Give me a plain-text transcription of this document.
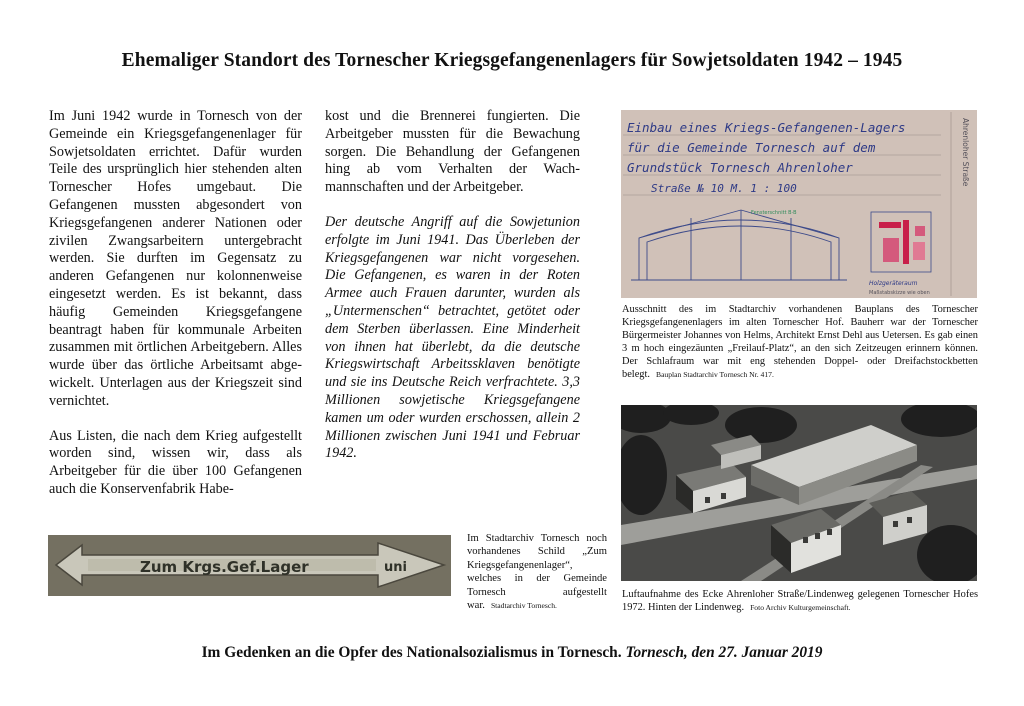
Ehemaliger Standort des Tornescher Kriegsgefangenenlagers für Sowjetsoldaten 1942 – 1945

Im Juni 1942 wurde in Tornesch von der Gemeinde ein Kriegsgefangenenlager für Sowjetsoldaten errichtet. Dafür wurden Teile des ursprünglich hier stehenden alten Tornescher Hofes umgebaut. Die Gefangenen mussten abgesondert von Kriegsgefangenen anderer Nationen oder zivilen Zwangsarbeitern untergebracht werden. Sie durften im Gegensatz zu anderen Gefangenen nur kolonnenweise eingesetzt werden. Es ist bekannt, dass häufig Gemeinden Kriegsgefangene beantragt haben für kommunale Arbeiten zusammen mit örtlichen Arbeitgebern. Alles wurde über das örtliche Arbeitsamt abgewickelt. Unterlagen aus der Kriegszeit sind vernichtet.

Aus Listen, die nach dem Krieg aufgestellt worden sind, wissen wir, dass als Arbeitgeber für die über 100 Gefangenen auch die Konservenfabrik Habe-

kost und die Brennerei fungierten. Die Arbeitgeber mussten für die Bewachung sorgen. Die Behandlung der Gefangenen hing ab vom Verhalten der Wachmannschaften und der Arbeitgeber.

Der deutsche Angriff auf die Sowjetunion erfolgte im Juni 1941. Das Überleben der Kriegsgefangenen war nicht vorgesehen. Die Gefangenen, es waren in der Roten Armee auch Frauen darunter, wurden als „Untermenschen“ betrachtet, getötet oder dem Sterben überlassen. Eine Minderheit von ihnen hat überlebt, da die deutsche Kriegswirtschaft Arbeitssklaven benötigte und sie ins Deutsche Reich verfrachtete. 3,3 Millionen sowjetische Kriegsgefangene kamen um oder wurden erschossen, allein 2 Millionen zwischen Juni 1941 und Februar 1942.

Einbau eines Kriegs-Gefangenen-Lagers
für die Gemeinde Tornesch auf dem
Grundstück Tornesch Ahrenloher
Straße № 10 M. 1 : 100
Ahrenloher Straße
Fensterschnitt B·B
Holzgeräteraum
Maßstabskizze wie oben
Ausschnitt des im Stadtarchiv vorhandenen Bauplans des Tornescher Kriegsgefangenenlagers im alten Tornescher Hof. Bauherr war der Tornescher Bürgermeister Johannes von Helms, Architekt Ernst Dehl aus Uetersen. Es gab einen 3 m hoch eingezäunten „Freilauf-Platz“, an den sich Zeitzeugen erinnern können. Der Schlafraum war mit eng stehenden Doppel- oder Dreifachstockbetten belegt. Bauplan Stadtarchiv Tornesch Nr. 417.
Luftaufnahme des Ecke Ahrenloher Straße/Lindenweg gelegenen Tornescher Hofes 1972. Hinten der Lindenweg. Foto Archiv Kulturgemeinschaft.
Zum Krgs.Gef.Lager	uni
Im Stadtarchiv Tornesch noch vorhandenes Schild „Zum Kriegsgefangenenlager“, welches in der Gemeinde Tornesch aufgestellt war. Stadtarchiv Tornesch.
Im Gedenken an die Opfer des Nationalsozialismus in Tornesch. Tornesch, den 27. Januar 2019
